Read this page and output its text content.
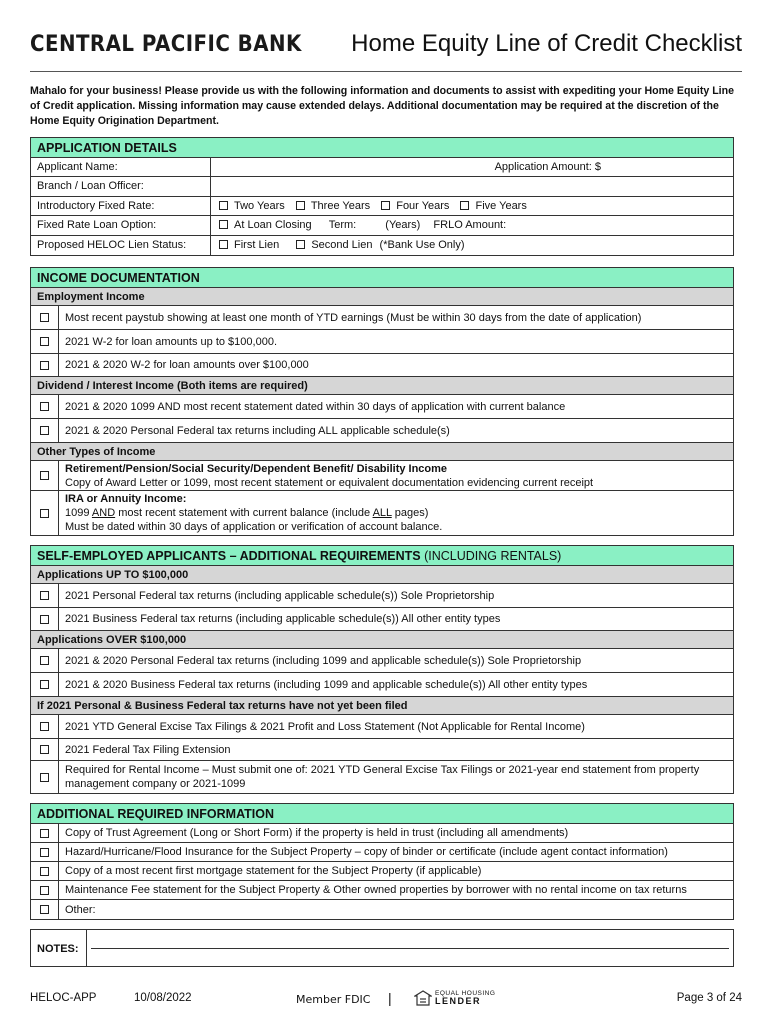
CENTRAL PACIFIC BANK Home Equity Line of Credit Checklist
Mahalo for your business! Please provide us with the following information and documents to assist with expediting your Home Equity Line of Credit application. Missing information may cause extended delays. Additional documentation may be required at the discretion of the Home Equity Origination Department.
APPLICATION DETAILS
Applicant Name:	Application Amount: $
Branch / Loan Officer:
Introductory Fixed Rate:	Two Years Three Years Four Years Five Years
Fixed Rate Loan Option:	At Loan Closing Term:	(Years) FRLO Amount:
Proposed HELOC Lien Status:	First Lien	Second Lien (*Bank Use Only)
INCOME DOCUMENTATION
Employment Income
Most recent paystub showing at least one month of YTD earnings (Must be within 30 days from the date of application)
2021 W-2 for loan amounts up to $100,000.
2021 & 2020 W-2 for loan amounts over $100,000
Dividend / Interest Income (Both items are required)
2021 & 2020 1099 AND most recent statement dated within 30 days of application with current balance
2021 & 2020 Personal Federal tax returns including ALL applicable schedule(s)
Other Types of Income
Retirement/Pension/Social Security/Dependent Benefit/ Disability Income
Copy of Award Letter or 1099, most recent statement or equivalent documentation evidencing current receipt
IRA or Annuity Income:
1099 AND most recent statement with current balance (include ALL pages)
Must be dated within 30 days of application or verification of account balance.
SELF-EMPLOYED APPLICANTS – ADDITIONAL REQUIREMENTS (INCLUDING RENTALS)
Applications UP TO $100,000
2021 Personal Federal tax returns (including applicable schedule(s)) Sole Proprietorship
2021 Business Federal tax returns (including applicable schedule(s)) All other entity types
Applications OVER $100,000
2021 & 2020 Personal Federal tax returns (including 1099 and applicable schedule(s)) Sole Proprietorship
2021 & 2020 Business Federal tax returns (including 1099 and applicable schedule(s)) All other entity types
If 2021 Personal & Business Federal tax returns have not yet been filed
2021 YTD General Excise Tax Filings & 2021 Profit and Loss Statement (Not Applicable for Rental Income)
2021 Federal Tax Filing Extension
Required for Rental Income – Must submit one of: 2021 YTD General Excise Tax Filings or 2021-year end statement from property
management company or 2021-1099
ADDITIONAL REQUIRED INFORMATION
Copy of Trust Agreement (Long or Short Form) if the property is held in trust (including all amendments)
Hazard/Hurricane/Flood Insurance for the Subject Property – copy of binder or certificate (include agent contact information)
Copy of a most recent first mortgage statement for the Subject Property (if applicable)
Maintenance Fee statement for the Subject Property & Other owned properties by borrower with no rental income on tax returns
Other:
NOTES:
HELOC-APP	10/08/2022	Member FDIC |	EQUAL HOUSING
LENDER	Page 3 of 24
